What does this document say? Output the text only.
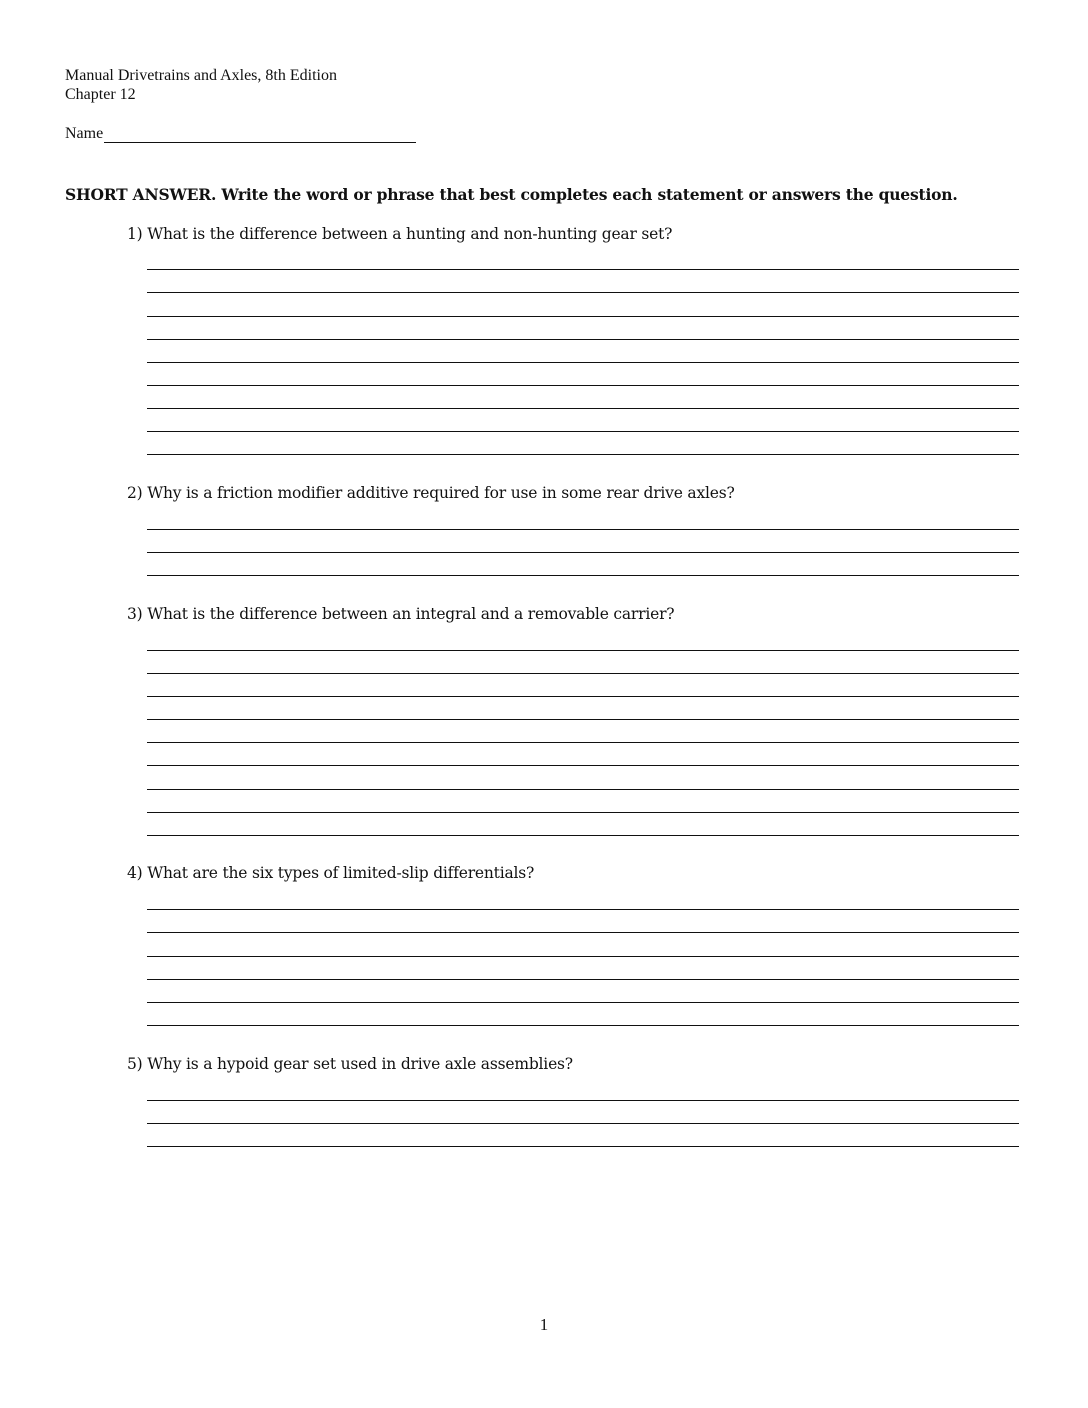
Manual Drivetrains and Axles, 8th Edition
Chapter 12
Name
SHORT ANSWER. Write the word or phrase that best completes each statement or answers the question.
1) What is the difference between a hunting and non-hunting gear set?
2) Why is a friction modifier additive required for use in some rear drive axles?
3) What is the difference between an integral and a removable carrier?
4) What are the six types of limited-slip differentials?
5) Why is a hypoid gear set used in drive axle assemblies?
1
